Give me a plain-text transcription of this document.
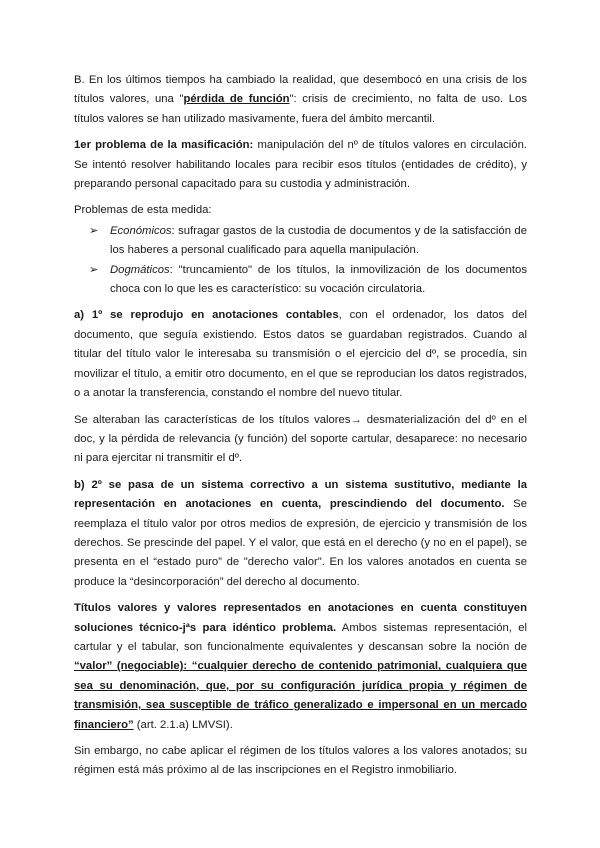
B. En los últimos tiempos ha cambiado la realidad, que desembocó en una crisis de los títulos valores, una "pérdida de función": crisis de crecimiento, no falta de uso. Los títulos valores se han utilizado masivamente, fuera del ámbito mercantil.

1er problema de la masificación: manipulación del nº de títulos valores en circulación. Se intentó resolver habilitando locales para recibir esos títulos (entidades de crédito), y preparando personal capacitado para su custodia y administración.

Problemas de esta medida:

➢ Económicos: sufragar gastos de la custodia de documentos y de la satisfacción de los haberes a personal cualificado para aquella manipulación.
➢ Dogmáticos: "truncamiento" de los títulos, la inmovilización de los documentos choca con lo que les es característico: su vocación circulatoria.

a) 1º se reprodujo en anotaciones contables, con el ordenador, los datos del documento, que seguía existiendo. Estos datos se guardaban registrados. Cuando al titular del título valor le interesaba su transmisión o el ejercicio del dº, se procedía, sin movilizar el título, a emitir otro documento, en el que se reproducian los datos registrados, o a anotar la transferencia, constando el nombre del nuevo titular.

Se alteraban las características de los títulos valores→ desmaterialización del dº en el doc, y la pérdida de relevancia (y función) del soporte cartular, desaparece: no necesario ni para ejercitar ni transmitir el dº.

b) 2º se pasa de un sistema correctivo a un sistema sustitutivo, mediante la representación en anotaciones en cuenta, prescindiendo del documento. Se reemplaza el título valor por otros medios de expresión, de ejercicio y transmisión de los derechos. Se prescinde del papel. Y el valor, que está en el derecho (y no en el papel), se presenta en el “estado puro” de "derecho valor". En los valores anotados en cuenta se produce la “desincorporación” del derecho al documento.

Títulos valores y valores representados en anotaciones en cuenta constituyen soluciones técnico-jªs para idéntico problema. Ambos sistemas representación, el cartular y el tabular, son funcionalmente equivalentes y descansan sobre la noción de “valor” (negociable): “cualquier derecho de contenido patrimonial, cualquiera que sea su denominación, que, por su configuración jurídica propia y régimen de transmisión, sea susceptible de tráfico generalizado e impersonal en un mercado financiero” (art. 2.1.a) LMVSI).

Sin embargo, no cabe aplicar el régimen de los títulos valores a los valores anotados; su régimen está más próximo al de las inscripciones en el Registro inmobiliario.
